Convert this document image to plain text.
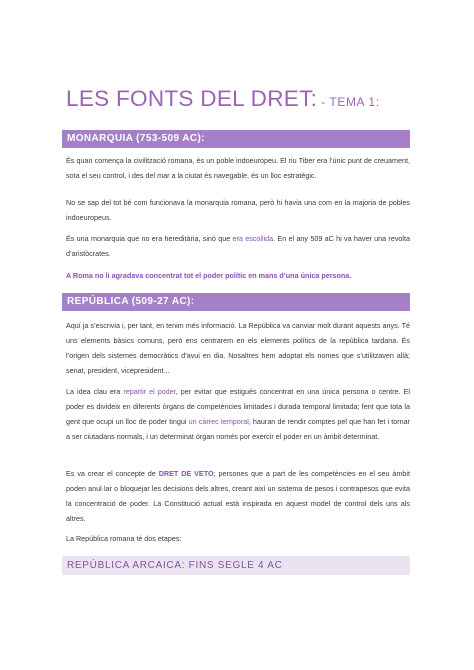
LES FONTS DEL DRET: - TEMA 1:
MONARQUIA (753-509 AC):

És quan comença la civilització romana, és un poble indoeuropeu. El riu Tiber era l’únic punt de creuament, sota el seu control, i des del mar a la ciutat és navegable, és un lloc estratègic.

No se sap del tot bé com funcionava la monarquia romana, però hi havia una com en la majoria de pobles indoeuropeus.

És una monarquia que no era hereditària, sinó que era escollida. En el any 509 aC hi va haver una revolta d’aristòcrates.

A Roma no li agradava concentrat tot el poder polític en mans d’una única persona.

REPÚBLICA (509-27 AC):

Aquí ja s’escrivia i, per tant, en tenim més informació. La República va canviar molt durant aquests anys. Té uns elements bàsics comuns, però ens centrarem en els elements polítics de la república tardana. És l’origen dels sistemes democràtics d’avui en dia. Nosaltres hem adoptat els nomes que s’utilitzaven allà; senat, president, vicepresident...

La idea clau era repartir el poder, per evitar que estigués concentrat en una única persona o centre. El poder es divideix en diferents òrgans de competències limitades i durada temporal limitada; fent que tota la gent que ocupi un lloc de poder tingui un càrrec temporal, hauran de rendir comptes pel que han fet i tornar a ser ciutadans normals, i un determinat òrgan només por exercir el poder en un àmbit determinat.

Es va crear el concepte de DRET DE VETO; persones que a part de les competències en el seu àmbit poden anul·lar o bloquejar les decisions dels altres, creant així un sistema de pesos i contrapesos que evita la concentració de poder. La Constitució actual està inspirada en aquest model de control dels uns als altres.

La República romana té dos etapes:

REPÚBLICA ARCAICA: FINS SEGLE 4 AC
